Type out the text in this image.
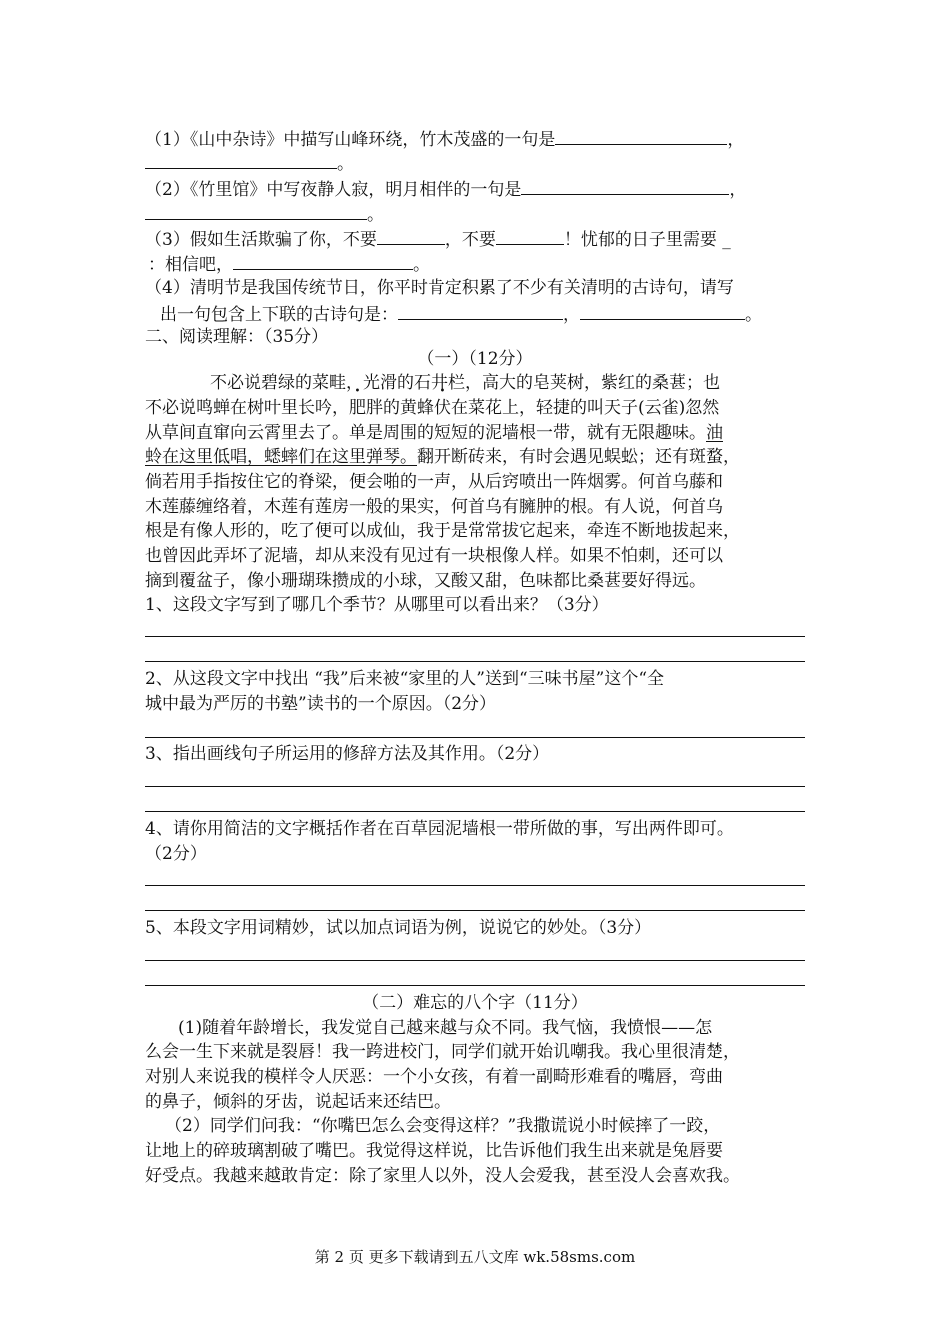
（1）《山中杂诗》中描写山峰环绕，竹木茂盛的一句是	，
。
（2）《竹里馆》中写夜静人寂，明月相伴的一句是	，
。
（3）假如生活欺骗了你，不要	，不要	！忧郁的日子里需要 _
：相信吧，	。
（4）清明节是我国传统节日，你平时肯定积累了不少有关清明的古诗句，请写
出一句包含上下联的古诗句是：	，	。
二、阅读理解：（35分）
（一）（12分）
不必说碧绿的菜畦，光滑的石井栏，高大的皂荚树，紫红的桑葚；也
不必说鸣蝉在树叶里长吟，肥胖的黄蜂伏在菜花上，轻捷的叫天子(云雀)忽然
从草间直窜向云霄里去了。单是周围的短短的泥墙根一带，就有无限趣味。油
蛉在这里低唱，蟋蟀们在这里弹琴。翻开断砖来，有时会遇见蜈蚣；还有斑蝥，
倘若用手指按住它的脊梁，便会啪的一声，从后窍喷出一阵烟雾。何首乌藤和
木莲藤缠络着，木莲有莲房一般的果实，何首乌有臃肿的根。有人说，何首乌
根是有像人形的，吃了便可以成仙，我于是常常拔它起来，牵连不断地拔起来，
也曾因此弄坏了泥墙，却从来没有见过有一块根像人样。如果不怕刺，还可以
摘到覆盆子，像小珊瑚珠攒成的小球，又酸又甜，色味都比桑葚要好得远。
1、这段文字写到了哪几个季节？从哪里可以看出来？（3分）
2、从这段文字中找出 “我”后来被“家里的人”送到“三味书屋”这个“全
城中最为严厉的书塾”读书的一个原因。（2分）
3、指出画线句子所运用的修辞方法及其作用。（2分）
4、请你用简洁的文字概括作者在百草园泥墙根一带所做的事，写出两件即可。
（2分）
5、本段文字用词精妙，试以加点词语为例，说说它的妙处。（3分）
（二）难忘的八个字（11分）
(1)随着年龄增长，我发觉自己越来越与众不同。我气恼，我愤恨——怎
么会一生下来就是裂唇！我一跨进校门，同学们就开始讥嘲我。我心里很清楚，
对别人来说我的模样令人厌恶：一个小女孩，有着一副畸形难看的嘴唇，弯曲
的鼻子，倾斜的牙齿，说起话来还结巴。
（2）同学们问我：“你嘴巴怎么会变得这样？”我撒谎说小时候摔了一跤，
让地上的碎玻璃割破了嘴巴。我觉得这样说，比告诉他们我生出来就是兔唇要
好受点。我越来越敢肯定：除了家里人以外，没人会爱我，甚至没人会喜欢我。
第 2 页 更多下载请到五八文库 wk.58sms.com
